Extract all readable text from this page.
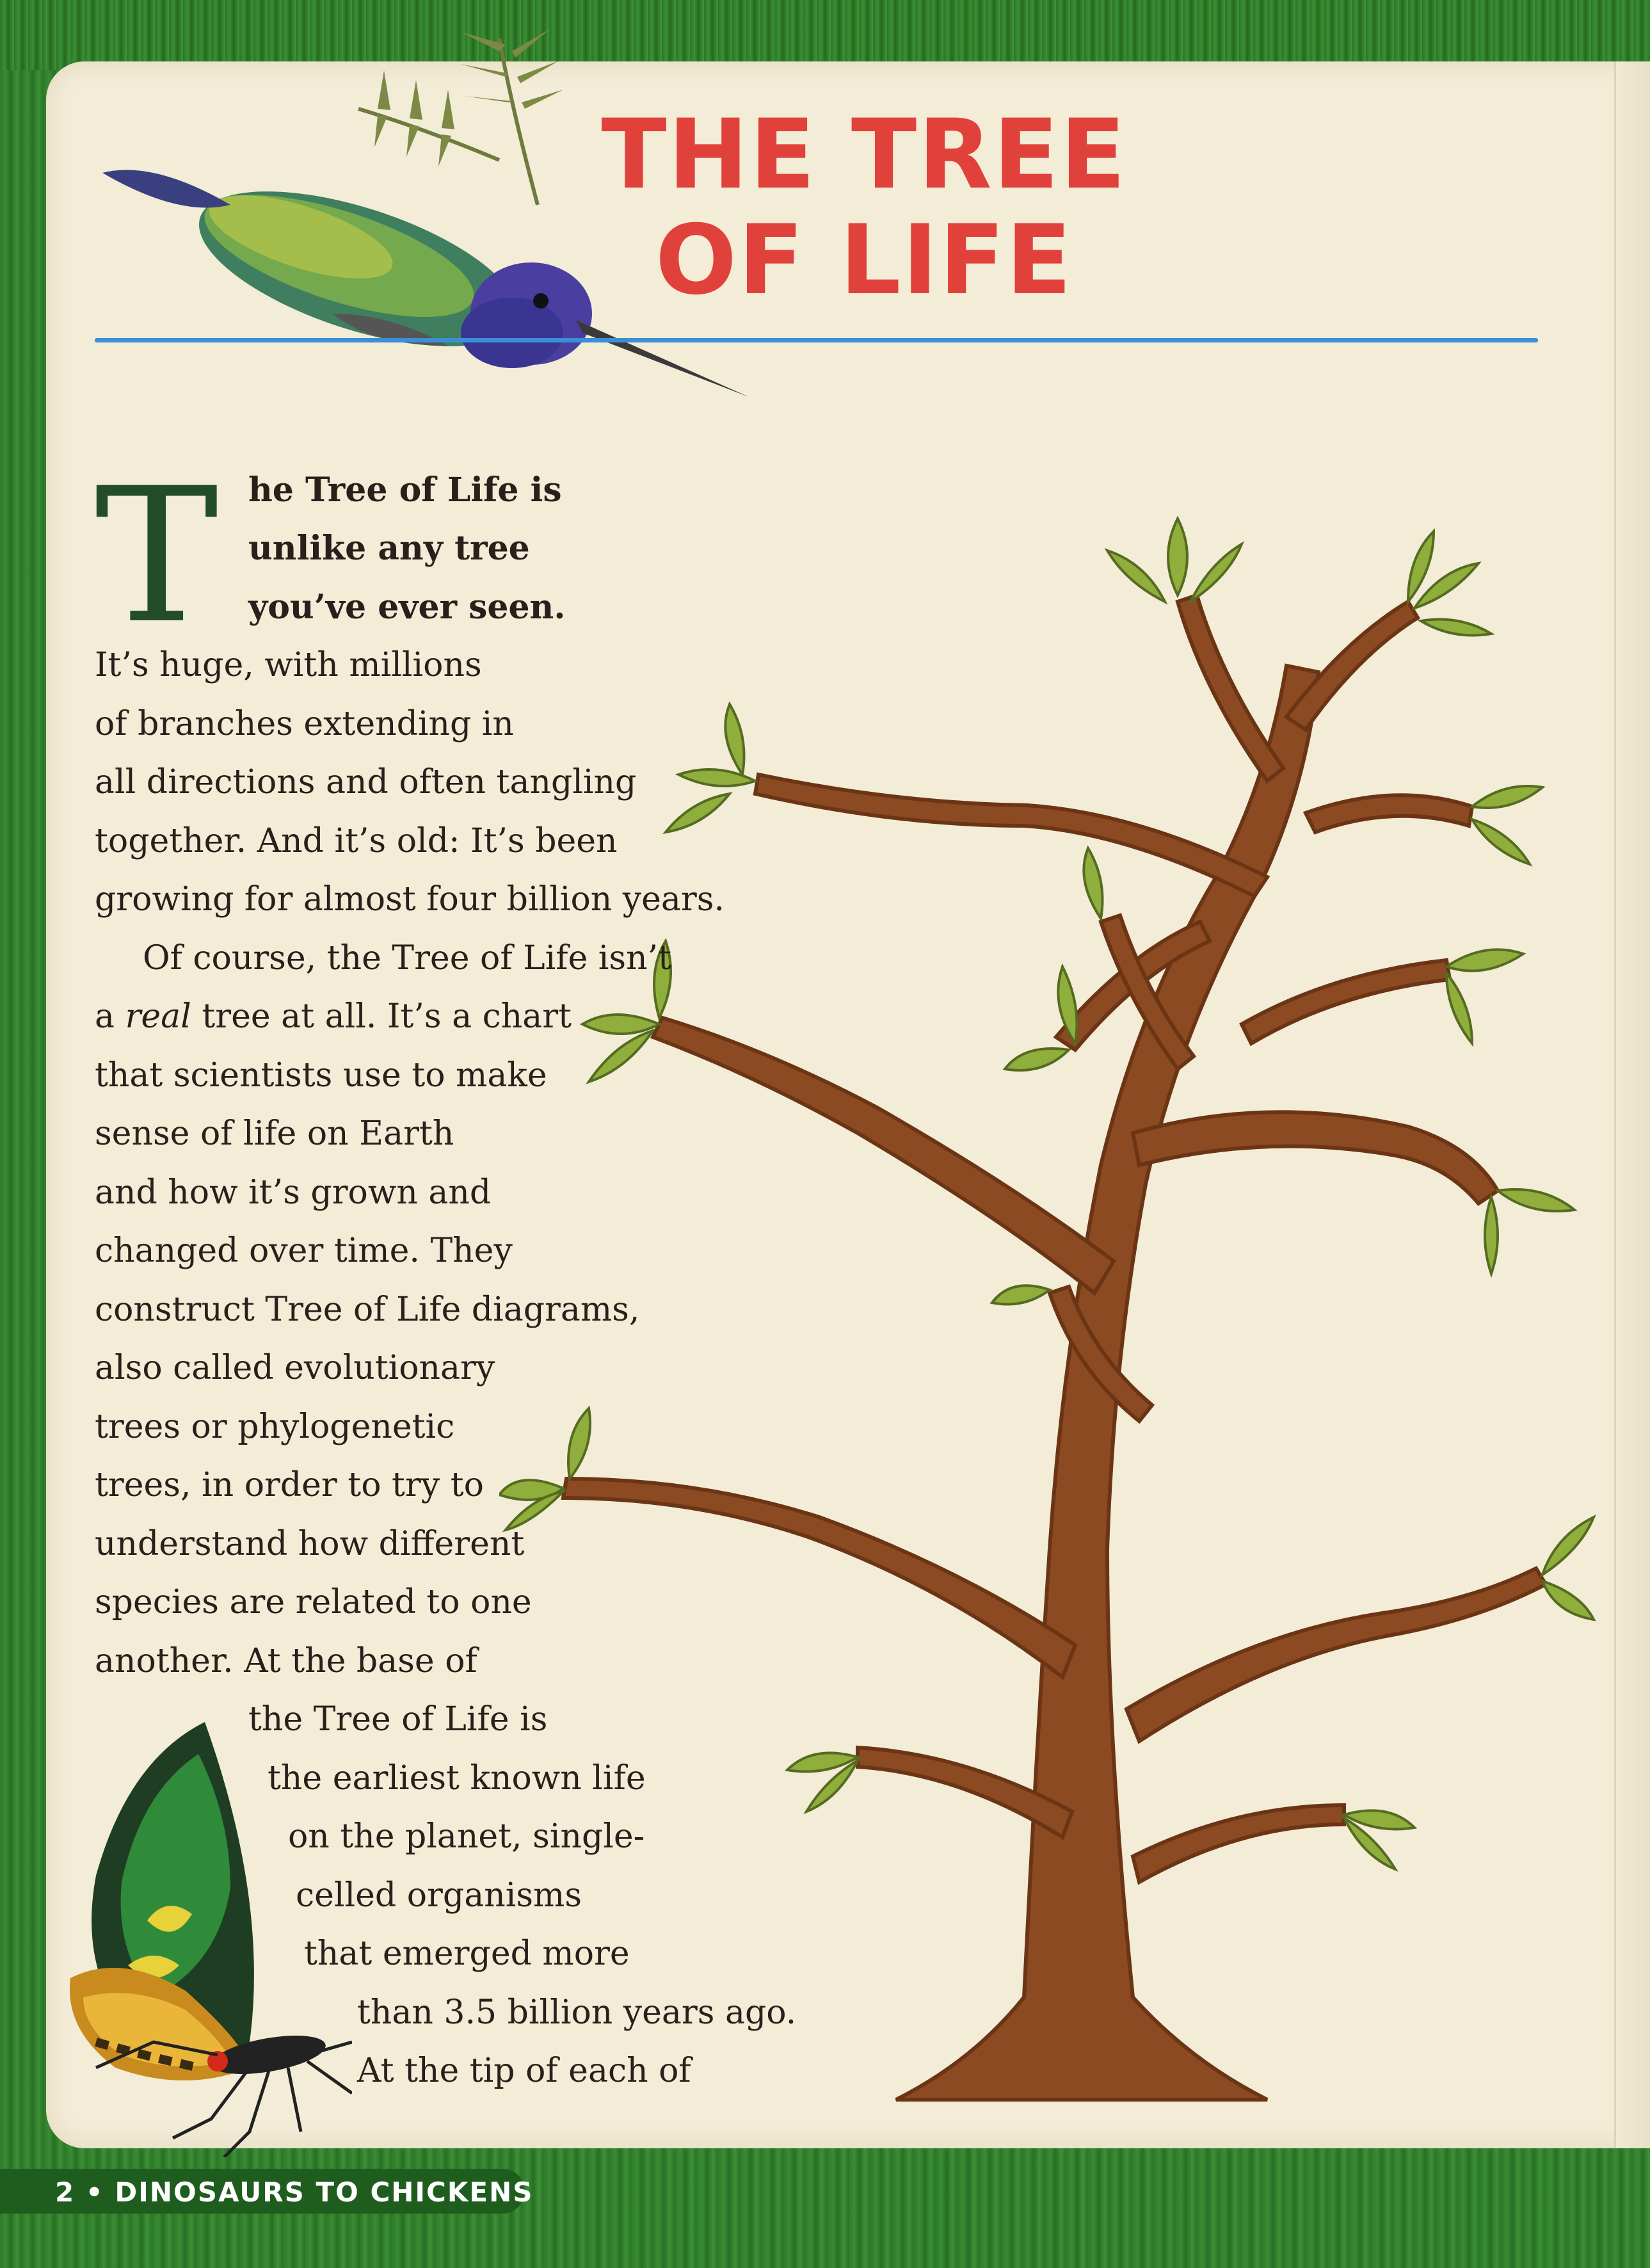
THE TREE
OF LIFE
T he Tree of Life is
unlike any tree
you’ve ever seen.
It’s huge, with millions
of branches extending in
all directions and often tangling
together. And it’s old: It’s been
growing for almost four billion years.
Of course, the Tree of Life isn’t
a real tree at all. It’s a chart
that scientists use to make
sense of life on Earth
and how it’s grown and
changed over time. They
construct Tree of Life diagrams,
also called evolutionary
trees or phylogenetic
trees, in order to try to
understand how different
species are related to one
another. At the base of
the Tree of Life is
the earliest known life
on the planet, single-
celled organisms
that emerged more
than 3.5 billion years ago.
At the tip of each of
2 • DINOSAURS TO CHICKENS
